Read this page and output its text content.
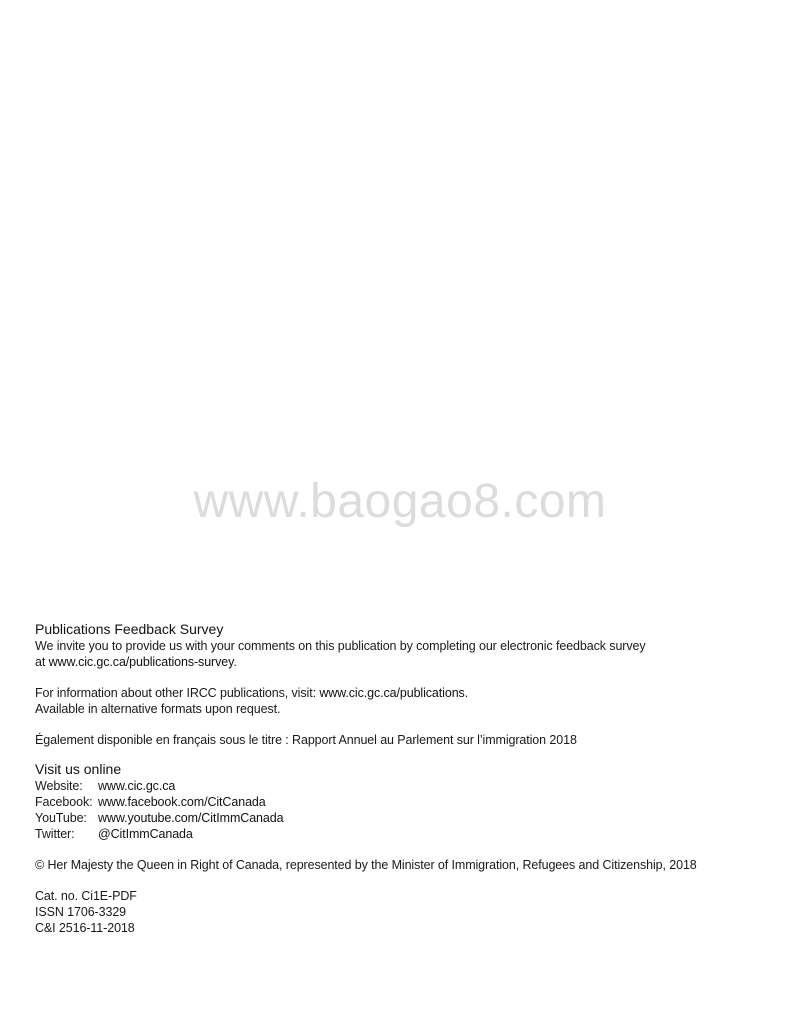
www.baogao8.com
Publications Feedback Survey
We invite you to provide us with your comments on this publication by completing our electronic feedback survey
at www.cic.gc.ca/publications-survey.
For information about other IRCC publications, visit: www.cic.gc.ca/publications.
Available in alternative formats upon request.
Également disponible en français sous le titre : Rapport Annuel au Parlement sur l’immigration 2018
Visit us online
Website:	www.cic.gc.ca
Facebook: www.facebook.com/CitCanada
YouTube: www.youtube.com/CitImmCanada
Twitter:	@CitImmCanada
© Her Majesty the Queen in Right of Canada, represented by the Minister of Immigration, Refugees and Citizenship, 2018
Cat. no. Ci1E-PDF
ISSN 1706-3329
C&I 2516-11-2018
